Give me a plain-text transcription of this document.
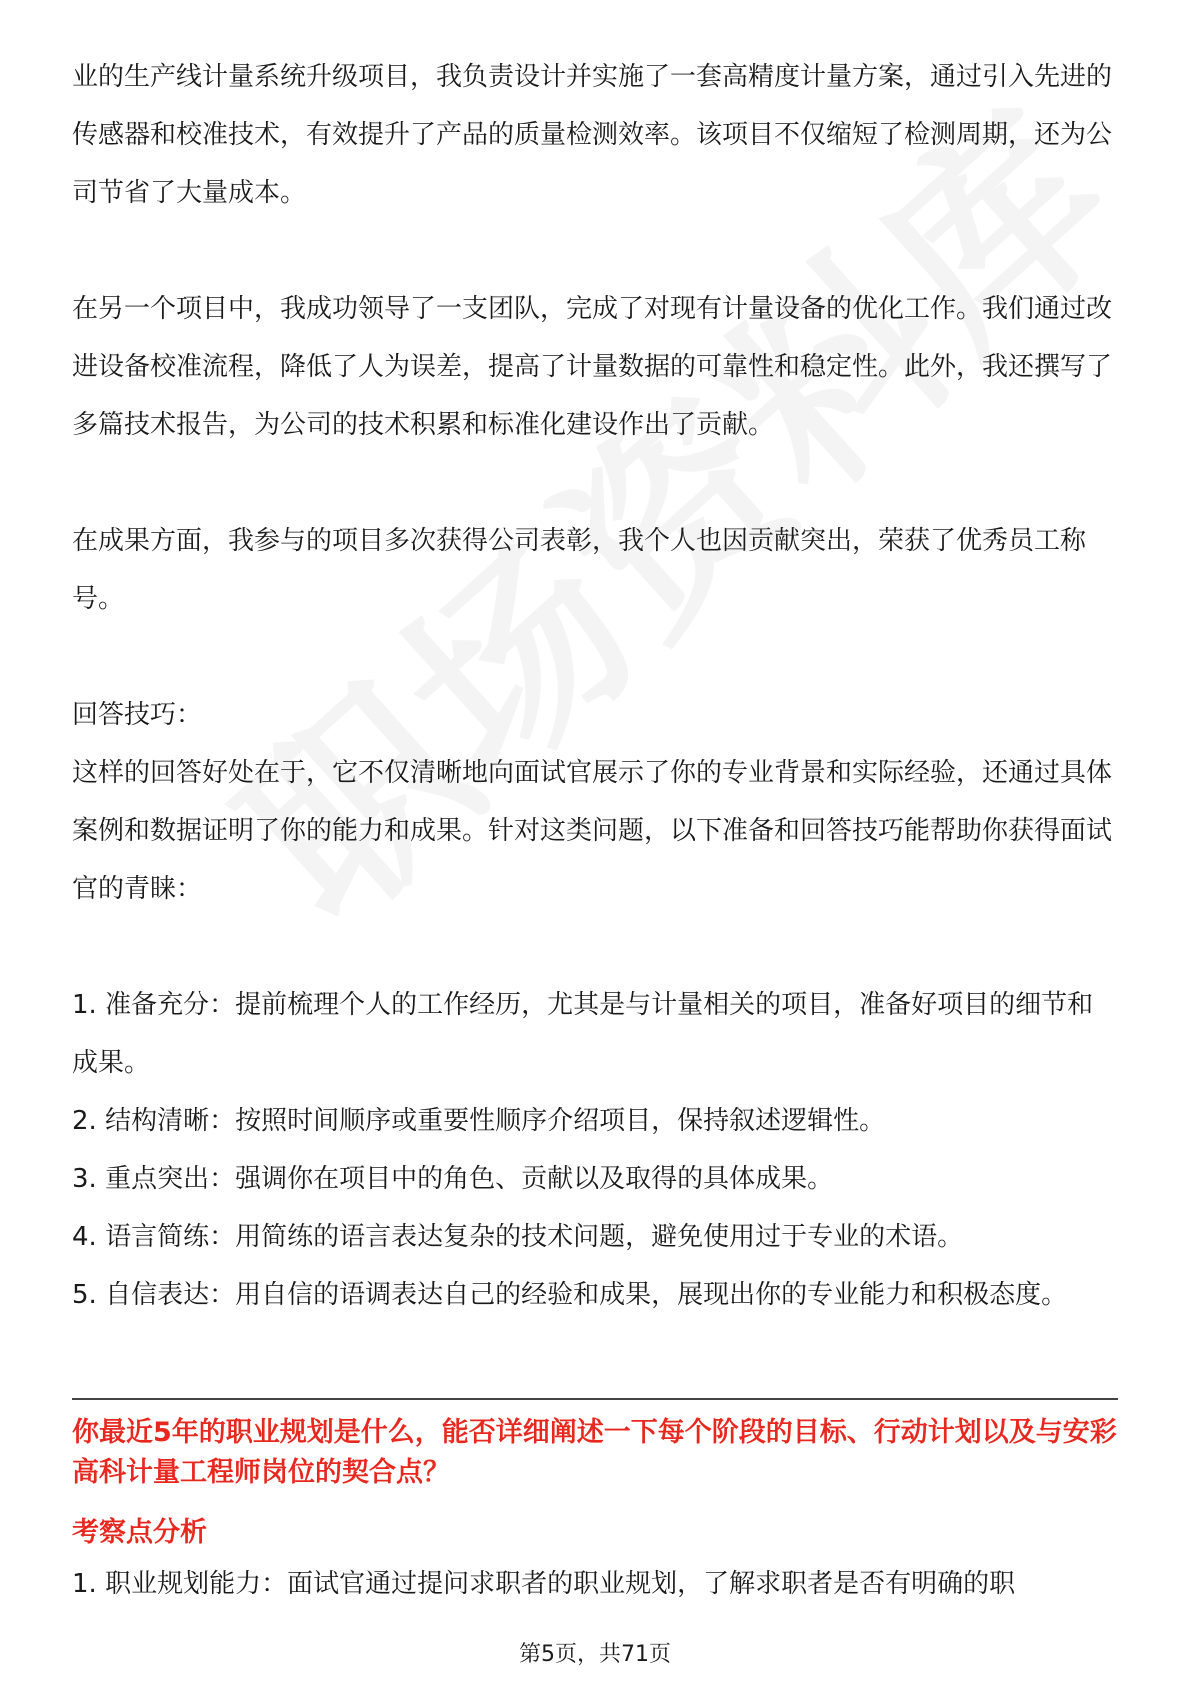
业的生产线计量系统升级项目，我负责设计并实施了一套高精度计量方案，通过引入先进的传感器和校准技术，有效提升了产品的质量检测效率。该项目不仅缩短了检测周期，还为公司节省了大量成本。

在另一个项目中，我成功领导了一支团队，完成了对现有计量设备的优化工作。我们通过改进设备校准流程，降低了人为误差，提高了计量数据的可靠性和稳定性。此外，我还撰写了多篇技术报告，为公司的技术积累和标准化建设作出了贡献。

在成果方面，我参与的项目多次获得公司表彰，我个人也因贡献突出，荣获了优秀员工称号。

回答技巧：

这样的回答好处在于，它不仅清晰地向面试官展示了你的专业背景和实际经验，还通过具体案例和数据证明了你的能力和成果。针对这类问题，以下准备和回答技巧能帮助你获得面试官的青睐：

1. 准备充分：提前梳理个人的工作经历，尤其是与计量相关的项目，准备好项目的细节和成果。

2. 结构清晰：按照时间顺序或重要性顺序介绍项目，保持叙述逻辑性。

3. 重点突出：强调你在项目中的角色、贡献以及取得的具体成果。

4. 语言简练：用简练的语言表达复杂的技术问题，避免使用过于专业的术语。

5. 自信表达：用自信的语调表达自己的经验和成果，展现出你的专业能力和积极态度。

你最近5年的职业规划是什么，能否详细阐述一下每个阶段的目标、行动计划以及与安彩高科计量工程师岗位的契合点？
考察点分析
1. 职业规划能力：面试官通过提问求职者的职业规划，了解求职者是否有明确的职
第5页，共71页
